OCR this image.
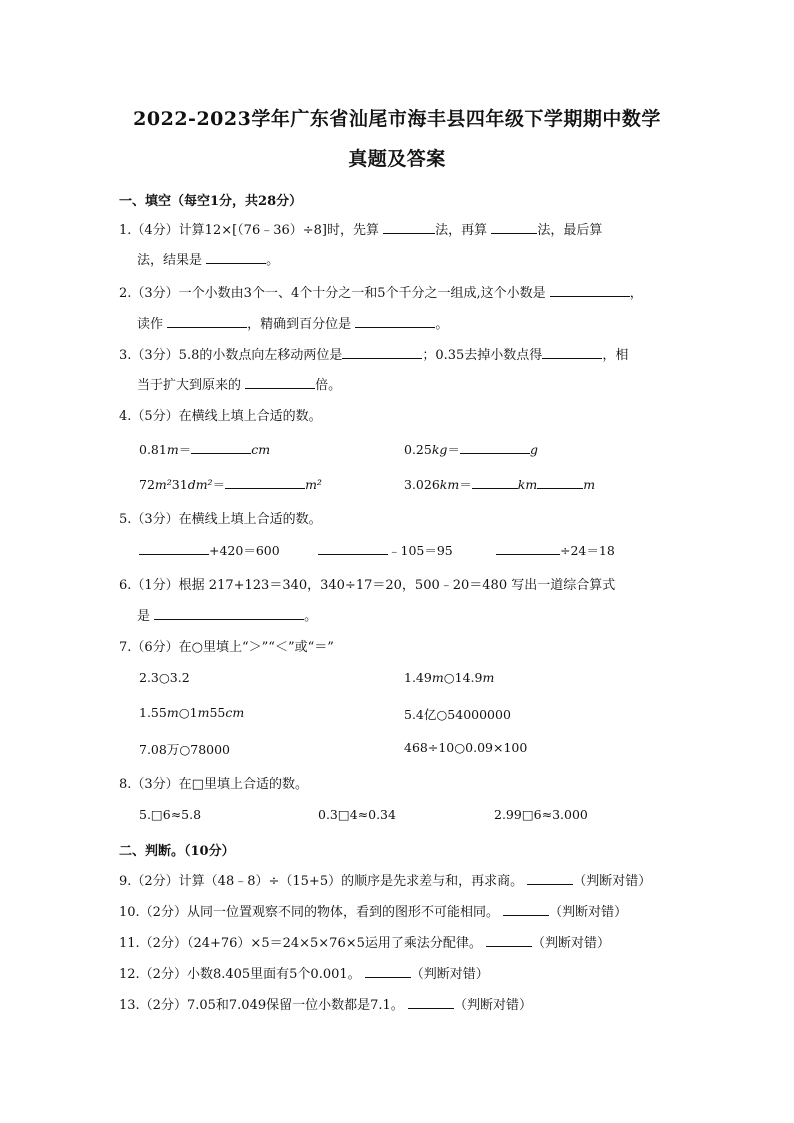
2022-2023学年广东省汕尾市海丰县四年级下学期期中数学
真题及答案
一、填空（每空1分，共28分）
1.（4分）计算12×[（76﹣36）÷8]时，先算	法，再算	法，最后算
法，结果是	。
2.（3分）一个小数由3个一、4个十分之一和5个千分之一组成,这个小数是	，
读作	，精确到百分位是	。
3.（3分）5.8的小数点向左移动两位是	；0.35去掉小数点得	，相
当于扩大到原来的	倍。
4.（5分）在横线上填上合适的数。
0.81m＝	cm	0.25kg＝	g
72m²31dm²＝	m²	3.026km＝	km	m
5.（3分）在横线上填上合适的数。
+420＝600	﹣105＝95	÷24＝18
6.（1分）根据 217+123＝340，340÷17＝20，500﹣20＝480 写出一道综合算式
是	。
7.（6分）在○里填上“＞”“＜”或“＝”
2.3○3.2	1.49m○14.9m
1.55m○1m55cm	5.4亿○54000000
7.08万○78000	468÷10○0.09×100
8.（3分）在□里填上合适的数。
5.□6≈5.8	0.3□4≈0.34	2.99□6≈3.000
二、判断。（10分）
9.（2分）计算（48﹣8）÷（15+5）的顺序是先求差与和，再求商。	（判断对错）
10.（2分）从同一位置观察不同的物体，看到的图形不可能相同。	（判断对错）
11.（2分）（24+76）×5＝24×5×76×5运用了乘法分配律。	（判断对错）
12.（2分）小数8.405里面有5个0.001。	（判断对错）
13.（2分）7.05和7.049保留一位小数都是7.1。	（判断对错）
